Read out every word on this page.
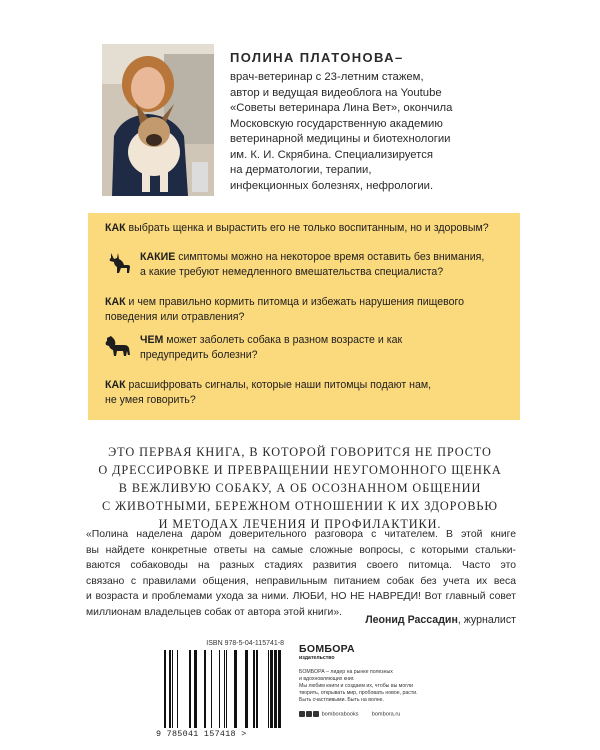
ПОЛИНА ПЛАТОНОВА–
врач-ветеринар с 23-летним стажем,
автор и ведущая видеоблога на Youtube
«Советы ветеринара Лина Вет», окончила
Московскую государственную академию
ветеринарной медицины и биотехнологии
им. К. И. Скрябина. Специализируется
на дерматологии, терапии,
инфекционных болезнях, нефрологии.
КАК выбрать щенка и вырастить его не только воспитанным, но и здоровым?
КАКИЕ симптомы можно на некоторое время оставить без внимания,
а какие требуют немедленного вмешательства специалиста?
КАК и чем правильно кормить питомца и избежать нарушения пищевого
поведения или отравления?
ЧЕМ может заболеть собака в разном возрасте и как
предупредить болезни?
КАК расшифровать сигналы, которые наши питомцы подают нам,
не умея говорить?
ЭТО ПЕРВАЯ КНИГА, В КОТОРОЙ ГОВОРИТСЯ НЕ ПРОСТО
О ДРЕССИРОВКЕ И ПРЕВРАЩЕНИИ НЕУГОМОННОГО ЩЕНКА
В ВЕЖЛИВУЮ СОБАКУ, А ОБ ОСОЗНАННОМ ОБЩЕНИИ
С ЖИВОТНЫМИ, БЕРЕЖНОМ ОТНОШЕНИИ К ИХ ЗДОРОВЬЮ
И МЕТОДАХ ЛЕЧЕНИЯ И ПРОФИЛАКТИКИ.
«Полина наделена даром доверительного разговора с читателем. В этой книге
вы найдете конкретные ответы на самые сложные вопросы, с которыми стальки-
ваются собаководы на разных стадиях развития своего питомца. Часто это
связано с правилами общения, неправильным питанием собак без учета их веса
и возраста и проблемами ухода за ними. ЛЮБИ, НО НЕ НАВРЕДИ! Вот главный совет
миллионам владельцев собак от автора этой книги».
Леонид Рассадин, журналист
ISBN 978-5-04-115741-8
9 785041 157418 >
БОМБОРА
издательство
БОМБОРА – лидер на рынке полезных
и вдохновляющих книг.
Мы любим книги и создаем их, чтобы вы могли
творить, открывать мир, пробовать новое, расти.
Быть счастливыми. Быть на волне.
bomborabooks bombora.ru
